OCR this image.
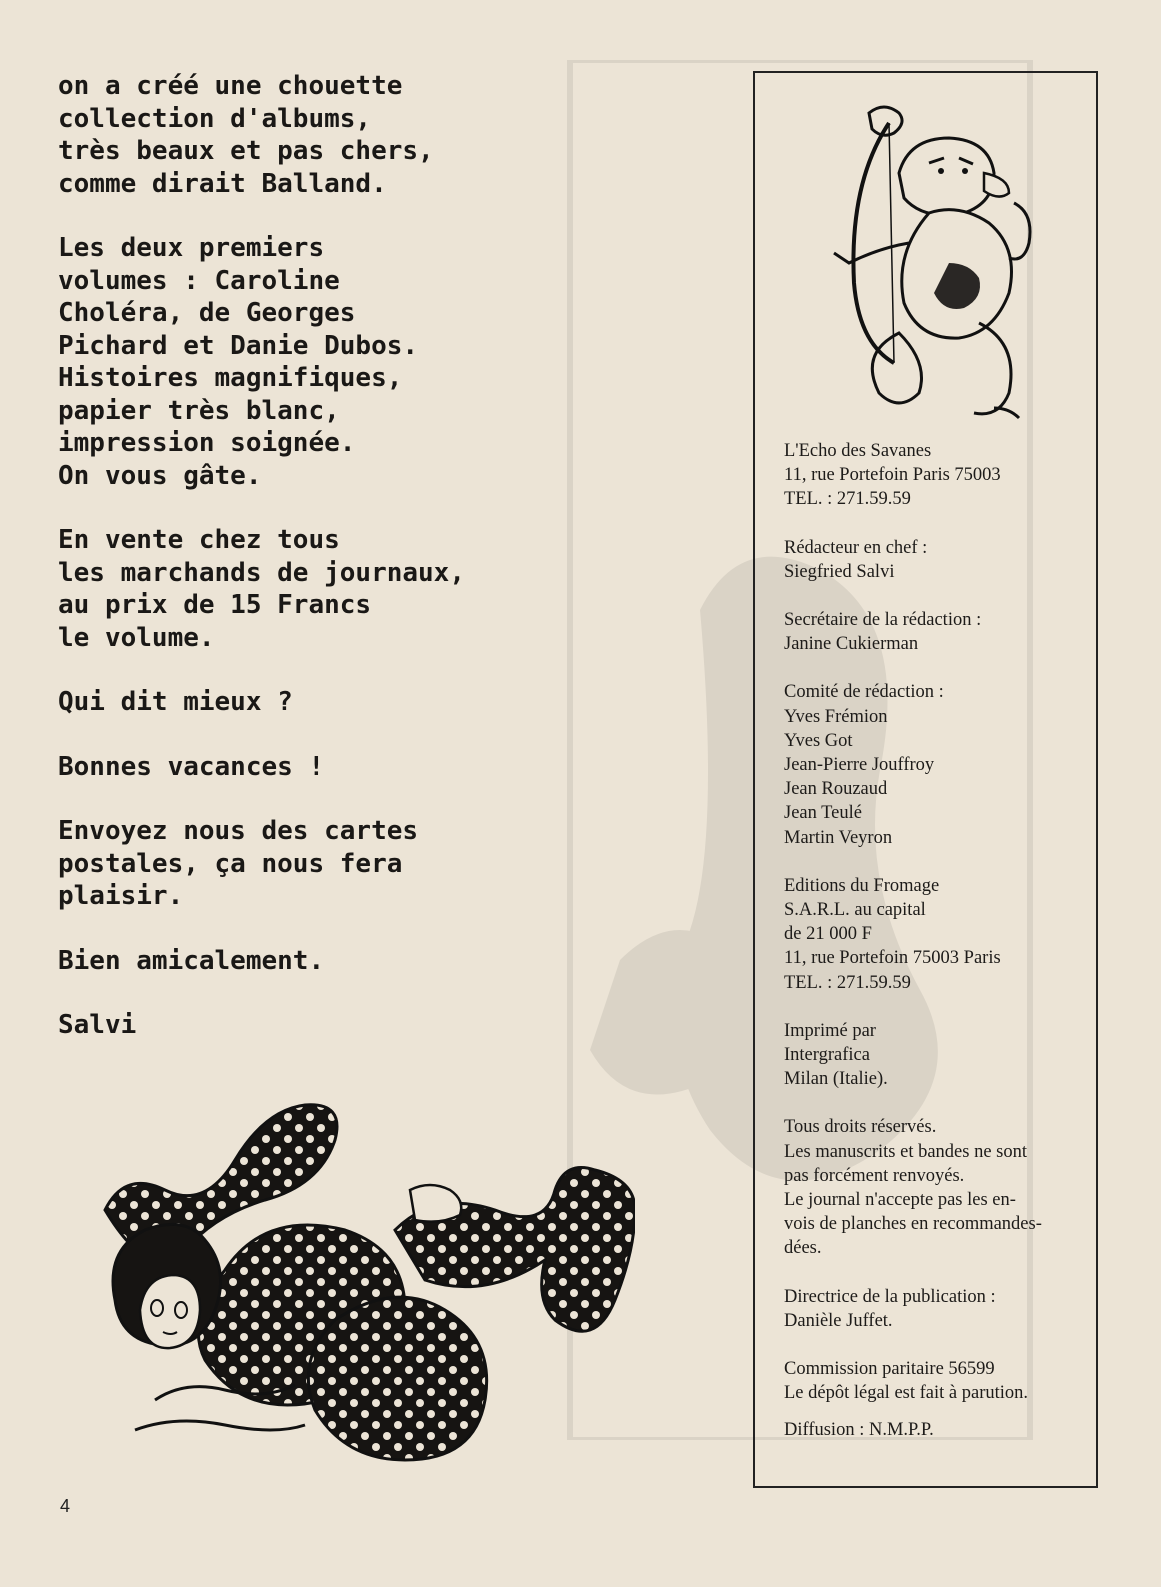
on a créé une chouette
collection d'albums,
très beaux et pas chers,
comme dirait Balland.

Les deux premiers
volumes : Caroline
Choléra, de Georges
Pichard et Danie Dubos.
Histoires magnifiques,
papier très blanc,
impression soignée.
On vous gâte.

En vente chez tous
les marchands de journaux,
au prix de 15 Francs
le volume.

Qui dit mieux ?

Bonnes vacances !

Envoyez nous des cartes
postales, ça nous fera
plaisir.

Bien amicalement.

Salvi

L'Echo des Savanes
11, rue Portefoin Paris 75003
TEL. : 271.59.59
Rédacteur en chef :
Siegfried Salvi
Secrétaire de la rédaction :
Janine Cukierman
Comité de rédaction :
Yves Frémion
Yves Got
Jean-Pierre Jouffroy
Jean Rouzaud
Jean Teulé
Martin Veyron
Editions du Fromage
S.A.R.L. au capital
de 21 000 F
11, rue Portefoin 75003 Paris
TEL. : 271.59.59
Imprimé par
Intergrafica
Milan (Italie).
Tous droits réservés.
Les manuscrits et bandes ne sont
pas forcément renvoyés.
Le journal n'accepte pas les en-
vois de planches en recommandes-
dées.
Directrice de la publication :
Danièle Juffet.
Commission paritaire 56599
Le dépôt légal est fait à parution.
Diffusion : N.M.P.P.
4
